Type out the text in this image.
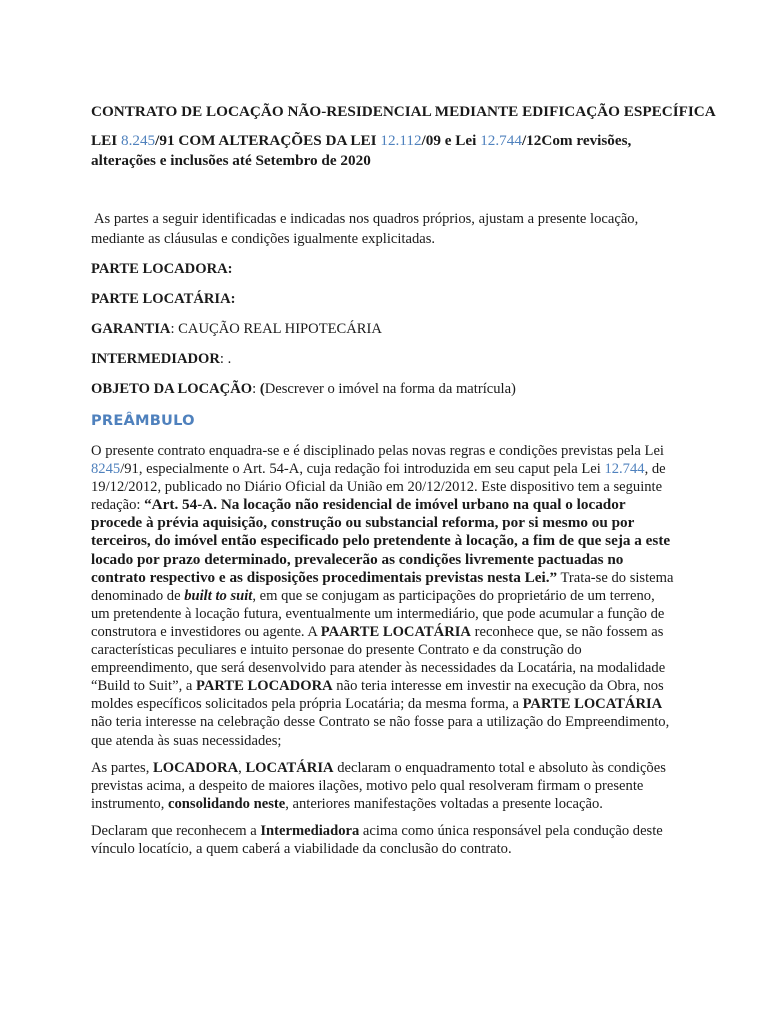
CONTRATO DE LOCAÇÃO NÃO-RESIDENCIAL MEDIANTE EDIFICAÇÃO ESPECÍFICA
LEI 8.245/91 COM ALTERAÇÕES DA LEI 12.112/09 e Lei 12.744/12Com revisões, alterações e inclusões até Setembro de 2020
As partes a seguir identificadas e indicadas nos quadros próprios, ajustam a presente locação, mediante as cláusulas e condições igualmente explicitadas.
PARTE LOCADORA:
PARTE LOCATÁRIA:
GARANTIA: CAUÇÃO REAL HIPOTECÁRIA
INTERMEDIADOR: .
OBJETO DA LOCAÇÃO: (Descrever o imóvel na forma da matrícula)
PREÂMBULO
O presente contrato enquadra-se e é disciplinado pelas novas regras e condições previstas pela Lei 8245/91, especialmente o Art. 54-A, cuja redação foi introduzida em seu caput pela Lei 12.744, de 19/12/2012, publicado no Diário Oficial da União em 20/12/2012. Este dispositivo tem a seguinte redação: “Art. 54-A. Na locação não residencial de imóvel urbano na qual o locador procede à prévia aquisição, construção ou substancial reforma, por si mesmo ou por terceiros, do imóvel então especificado pelo pretendente à locação, a fim de que seja a este locado por prazo determinado, prevalecerão as condições livremente pactuadas no contrato respectivo e as disposições procedimentais previstas nesta Lei.” Trata-se do sistema denominado de built to suit, em que se conjugam as participações do proprietário de um terreno, um pretendente à locação futura, eventualmente um intermediário, que pode acumular a função de construtora e investidores ou agente. A PAARTE LOCATÁRIA reconhece que, se não fossem as características peculiares e intuito personae do presente Contrato e da construção do empreendimento, que será desenvolvido para atender às necessidades da Locatária, na modalidade “Build to Suit”, a PARTE LOCADORA não teria interesse em investir na execução da Obra, nos moldes específicos solicitados pela própria Locatária; da mesma forma, a PARTE LOCATÁRIA não teria interesse na celebração desse Contrato se não fosse para a utilização do Empreendimento, que atenda às suas necessidades;
As partes, LOCADORA, LOCATÁRIA declaram o enquadramento total e absoluto às condições previstas acima, a despeito de maiores ilações, motivo pelo qual resolveram firmam o presente instrumento, consolidando neste, anteriores manifestações voltadas a presente locação.
Declaram que reconhecem a Intermediadora acima como única responsável pela condução deste vínculo locatício, a quem caberá a viabilidade da conclusão do contrato.
